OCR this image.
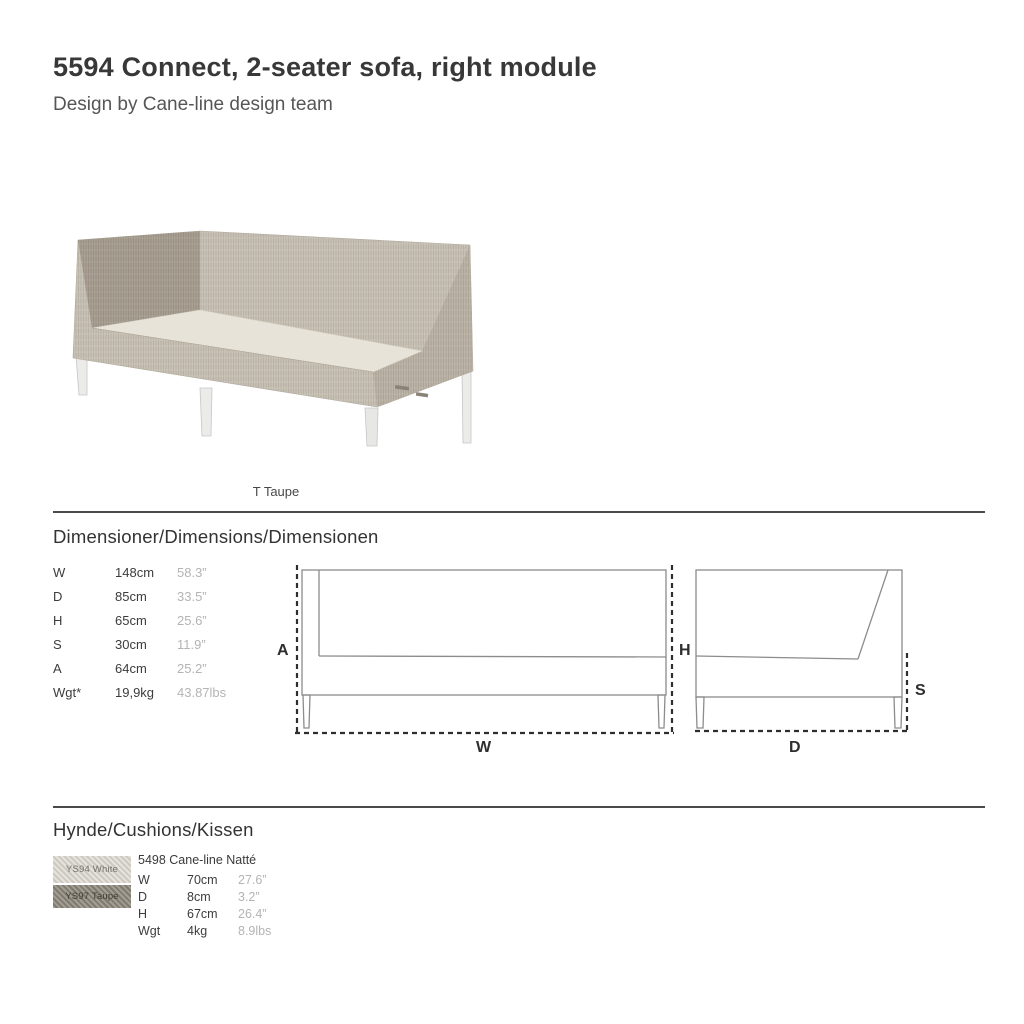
5594 Connect, 2-seater sofa, right module
Design by Cane-line design team
T Taupe
Dimensioner/Dimensions/Dimensionen
W	148cm	58.3”
D	85cm	33.5”
H	65cm	25.6”
S	30cm	11.9”
A	64cm	25.2”
Wgt*	19,9kg	43.87lbs
A	H
W
S
D
Hynde/Cushions/Kissen
YS94 White
YS97 Taupe
5498 Cane-line Natté
W	70cm	27.6”
D	8cm	3.2”
H	67cm	26.4”
Wgt	4kg	8.9lbs
